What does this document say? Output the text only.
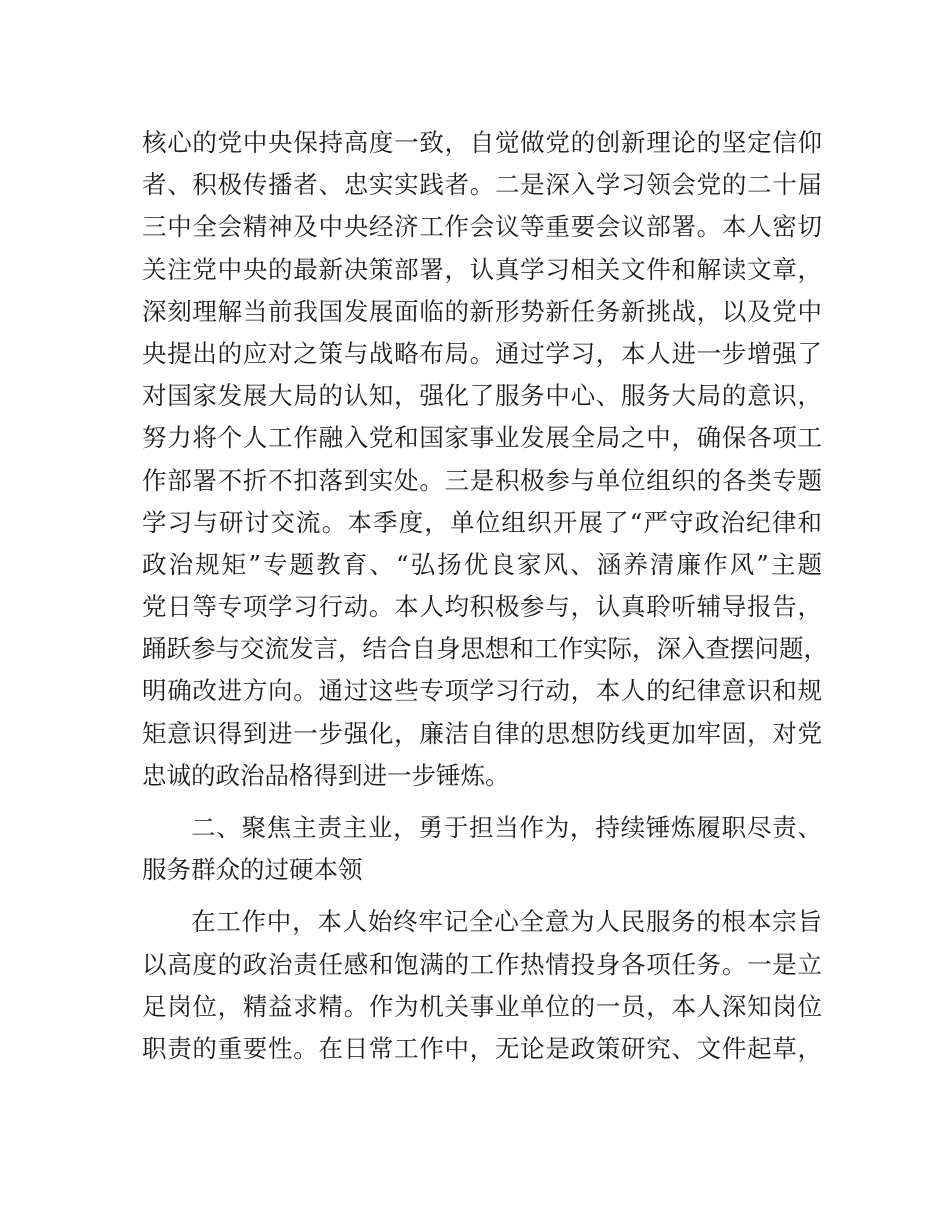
核心的党中央保持高度一致，自觉做党的创新理论的坚定信仰
者、积极传播者、忠实实践者。二是深入学习领会党的二十届
三中全会精神及中央经济工作会议等重要会议部署。本人密切
关注党中央的最新决策部署，认真学习相关文件和解读文章，
深刻理解当前我国发展面临的新形势新任务新挑战，以及党中
央提出的应对之策与战略布局。通过学习，本人进一步增强了
对国家发展大局的认知，强化了服务中心、服务大局的意识，
努力将个人工作融入党和国家事业发展全局之中，确保各项工
作部署不折不扣落到实处。三是积极参与单位组织的各类专题
学习与研讨交流。本季度，单位组织开展了“严守政治纪律和
政治规矩”专题教育、“弘扬优良家风、涵养清廉作风”主题
党日等专项学习行动。本人均积极参与，认真聆听辅导报告，
踊跃参与交流发言，结合自身思想和工作实际，深入查摆问题，
明确改进方向。通过这些专项学习行动，本人的纪律意识和规
矩意识得到进一步强化，廉洁自律的思想防线更加牢固，对党
忠诚的政治品格得到进一步锤炼。
二、聚焦主责主业，勇于担当作为，持续锤炼履职尽责、
服务群众的过硬本领
在工作中，本人始终牢记全心全意为人民服务的根本宗旨
以高度的政治责任感和饱满的工作热情投身各项任务。一是立
足岗位，精益求精。作为机关事业单位的一员，本人深知岗位
职责的重要性。在日常工作中，无论是政策研究、文件起草，
